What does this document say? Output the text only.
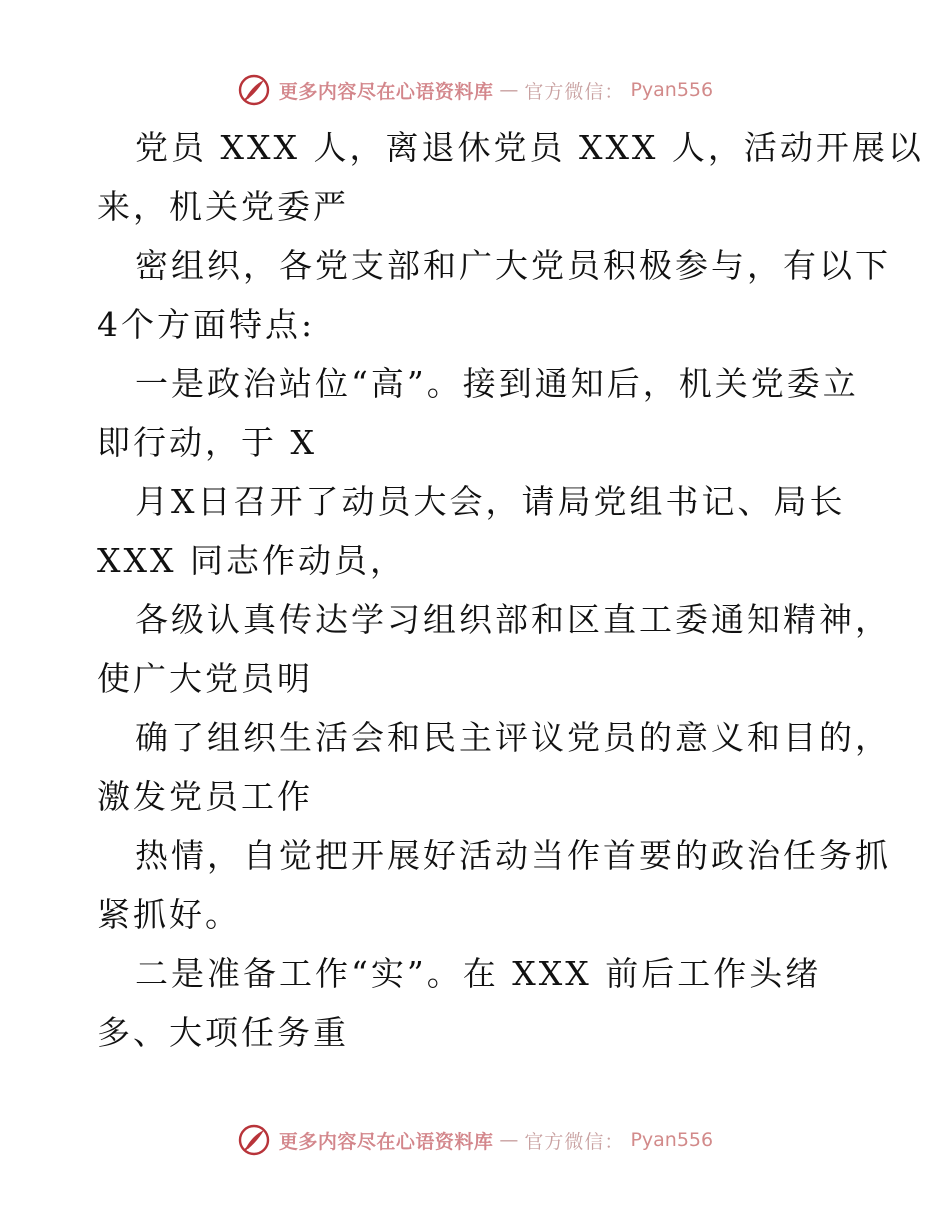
更多内容尽在心语资料库 — 官方微信： Pyan556
党员 XXX 人，离退休党员 XXX 人，活动开展以
来，机关党委严
密组织，各党支部和广大党员积极参与，有以下
4个方面特点:
一是政治站位“高”。接到通知后，机关党委立
即行动，于 X
月X日召开了动员大会，请局党组书记、局长
XXX 同志作动员，
各级认真传达学习组织部和区直工委通知精神，
使广大党员明
确了组织生活会和民主评议党员的意义和目的，
激发党员工作
热情，自觉把开展好活动当作首要的政治任务抓
紧抓好。
二是准备工作“实”。在 XXX 前后工作头绪
多、大项任务重
更多内容尽在心语资料库 — 官方微信： Pyan556
